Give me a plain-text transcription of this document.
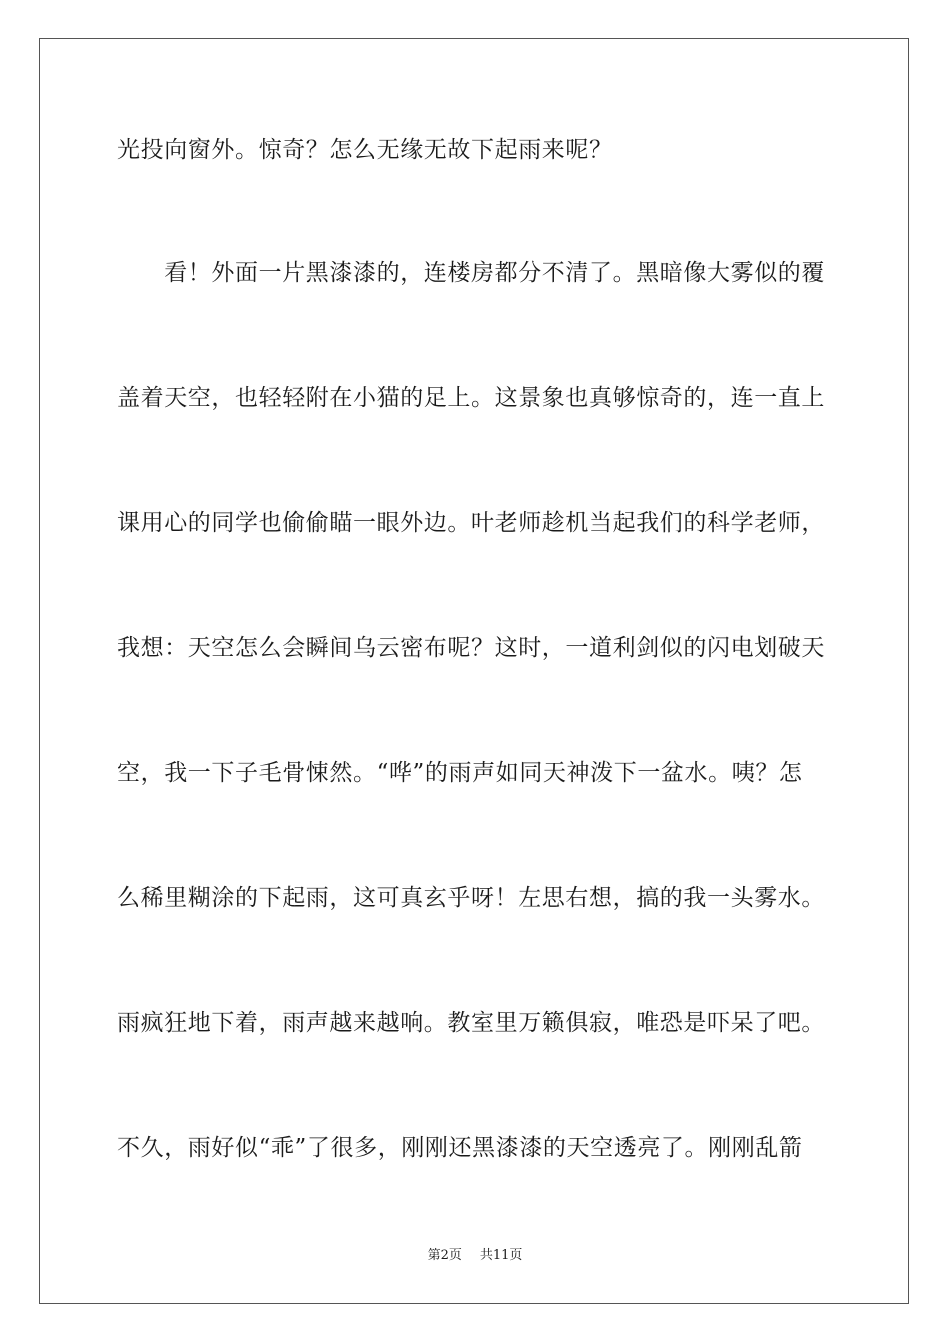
光投向窗外。惊奇？怎么无缘无故下起雨来呢？

　　看！外面一片黑漆漆的，连楼房都分不清了。黑暗像大雾似的覆

盖着天空，也轻轻附在小猫的足上。这景象也真够惊奇的，连一直上

课用心的同学也偷偷瞄一眼外边。叶老师趁机当起我们的科学老师，

我想：天空怎么会瞬间乌云密布呢？这时，一道利剑似的闪电划破天

空，我一下子毛骨悚然。“哗”的雨声如同天神泼下一盆水。咦？怎

么稀里糊涂的下起雨，这可真玄乎呀！左思右想，搞的我一头雾水。

雨疯狂地下着，雨声越来越响。教室里万籁俱寂，唯恐是吓呆了吧。

不久，雨好似“乖”了很多，刚刚还黑漆漆的天空透亮了。刚刚乱箭

第2页 共11页
